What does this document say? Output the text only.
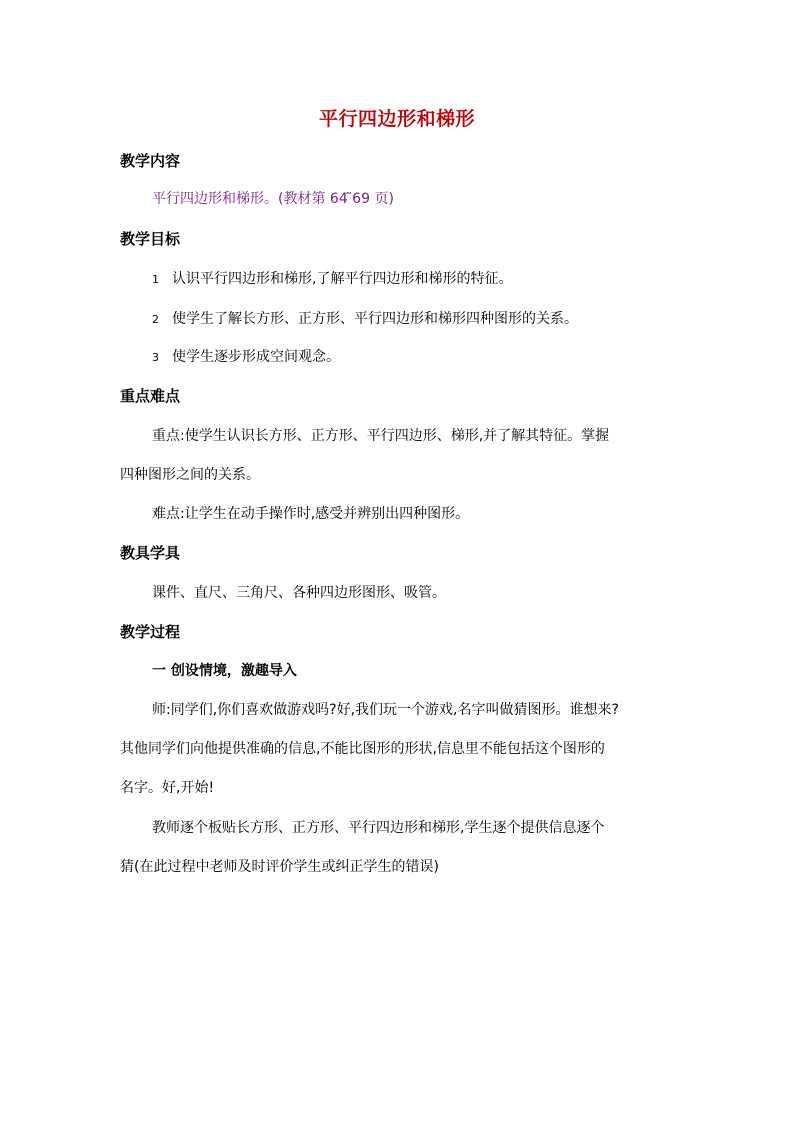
平行四边形和梯形
教学内容
平行四边形和梯形。(教材第 64 ̃69 页)
教学目标
1 认识平行四边形和梯形,了解平行四边形和梯形的特征。
2 使学生了解长方形、正方形、平行四边形和梯形四种图形的关系。
3 使学生逐步形成空间观念。
重点难点
重点:使学生认识长方形、正方形、平行四边形、梯形,并了解其特征。掌握
四种图形之间的关系。
难点:让学生在动手操作时,感受并辨别出四种图形。
教具学具
课件、直尺、三角尺、各种四边形图形、吸管。
教学过程
一 创设情境，激趣导入
师:同学们,你们喜欢做游戏吗?好,我们玩一个游戏,名字叫做猜图形。谁想来?
其他同学们向他提供准确的信息,不能比图形的形状,信息里不能包括这个图形的
名字。好,开始!
教师逐个板贴长方形、正方形、平行四边形和梯形,学生逐个提供信息逐个
猜(在此过程中老师及时评价学生或纠正学生的错误)
